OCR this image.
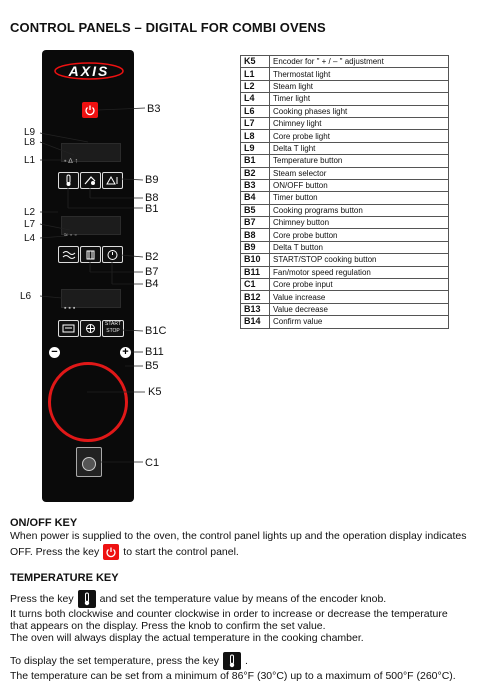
CONTROL PANELS – DIGITAL FOR COMBI OVENS
AXIS
• ∆ ↑
≈ ◦ ◦
▪ ▪ ▪
START STOP
−	+
B3
L9
L8
L1
B9
B8
B1
L2
L7
L4
B2
B7
B4
L6
B1C
B11
B5
K5
C1
K5	Encoder for " + / – " adjustment
L1	Thermostat light
L2	Steam light
L4	Timer light
L6	Cooking phases light
L7	Chimney light
L8	Core probe light
L9	Delta T light
B1	Temperature button
B2	Steam selector
B3	ON/OFF button
B4	Timer button
B5	Cooking programs button
B7	Chimney button
B8	Core probe button
B9	Delta T button
B10	START/STOP cooking button
B11	Fan/motor speed regulation
C1	Core probe input
B12	Value increase
B13	Value decrease
B14	Confirm value
ON/OFF KEY
When power is supplied to the oven, the control panel lights up and the operation display indicates
OFF. Press the key to start the control panel.
TEMPERATURE KEY
Press the key and set the temperature value by means of the encoder knob.
It turns both clockwise and counter clockwise in order to increase or decrease the temperature
that appears on the display. Press the knob to confirm the set value.
The oven will always display the actual temperature in the cooking chamber.
To display the set temperature, press the key .
The temperature can be set from a minimum of 86°F (30°C) up to a maximum of 500°F (260°C).
